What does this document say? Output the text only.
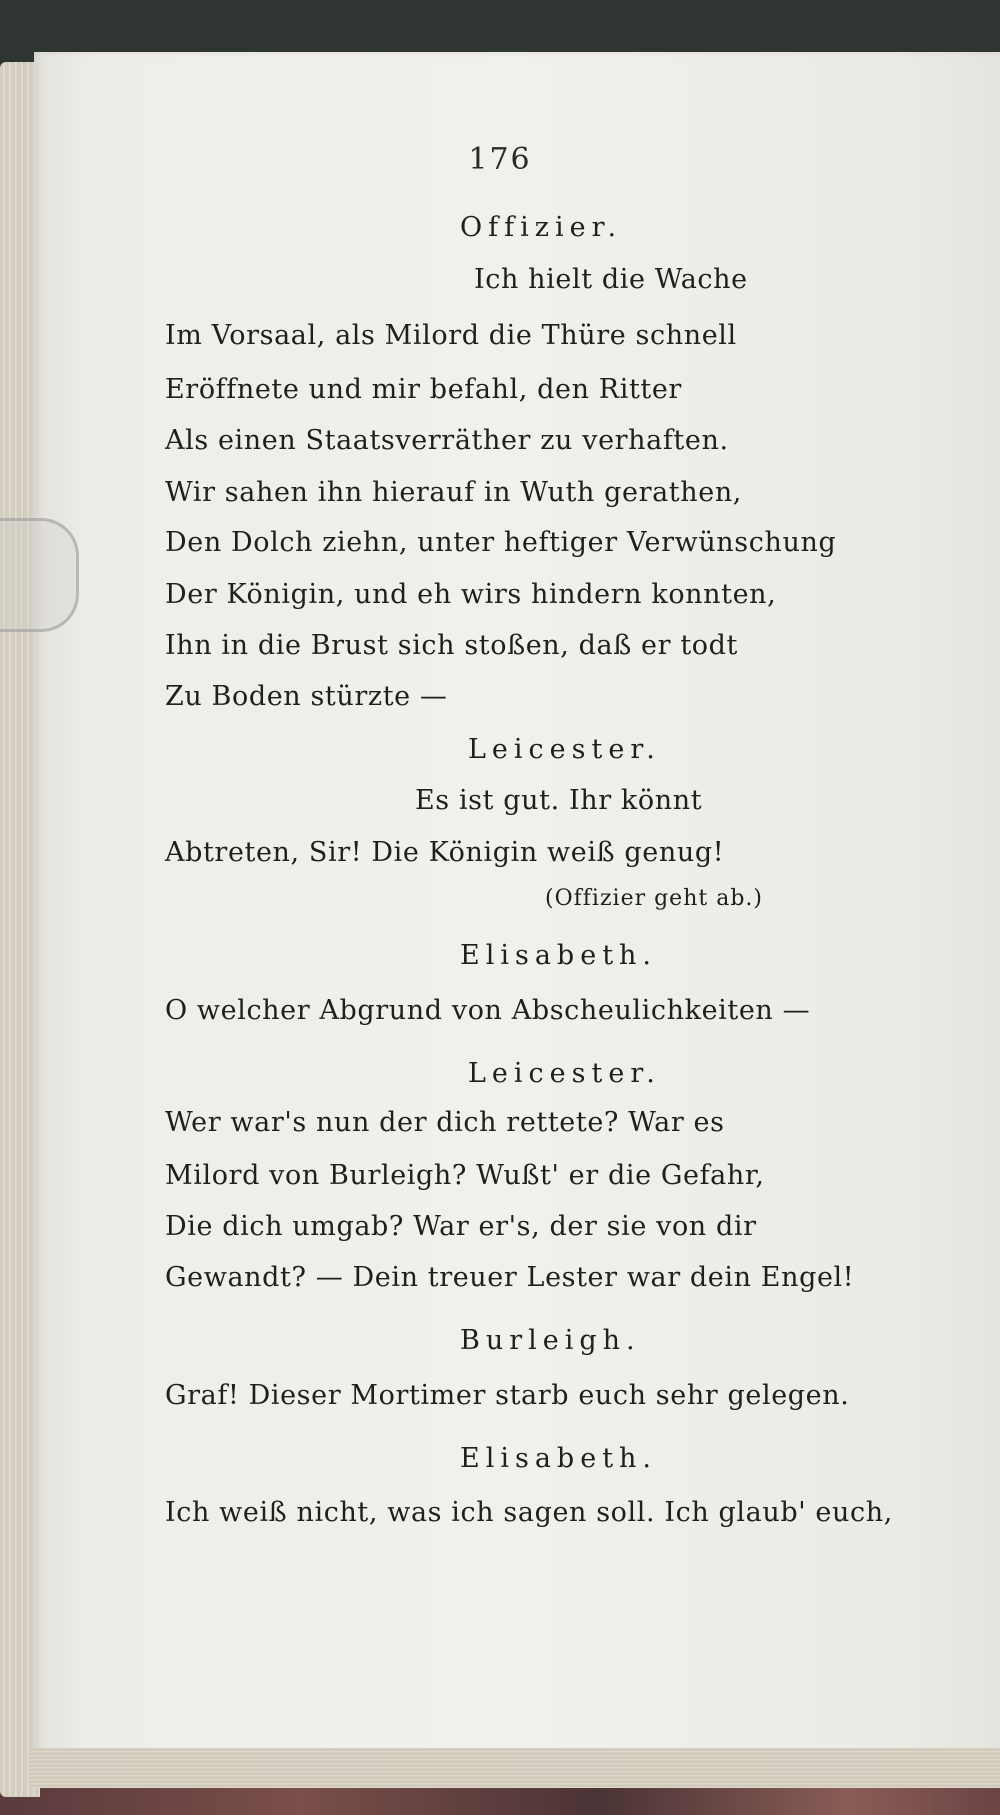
176
Offizier.
Ich hielt die Wache
Im Vorsaal, als Milord die Thüre schnell
Eröffnete und mir befahl, den Ritter
Als einen Staatsverräther zu verhaften.
Wir sahen ihn hierauf in Wuth gerathen,
Den Dolch ziehn, unter heftiger Verwünschung
Der Königin, und eh wirs hindern konnten,
Ihn in die Brust sich stoßen, daß er todt
Zu Boden stürzte —
Leicester.
Es ist gut. Ihr könnt
Abtreten, Sir! Die Königin weiß genug!
(Offizier geht ab.)
Elisabeth.
O welcher Abgrund von Abscheulichkeiten —
Leicester.
Wer war's nun der dich rettete? War es
Milord von Burleigh? Wußt' er die Gefahr,
Die dich umgab? War er's, der sie von dir
Gewandt? — Dein treuer Lester war dein Engel!
Burleigh.
Graf! Dieser Mortimer starb euch sehr gelegen.
Elisabeth.
Ich weiß nicht, was ich sagen soll. Ich glaub' euch,
